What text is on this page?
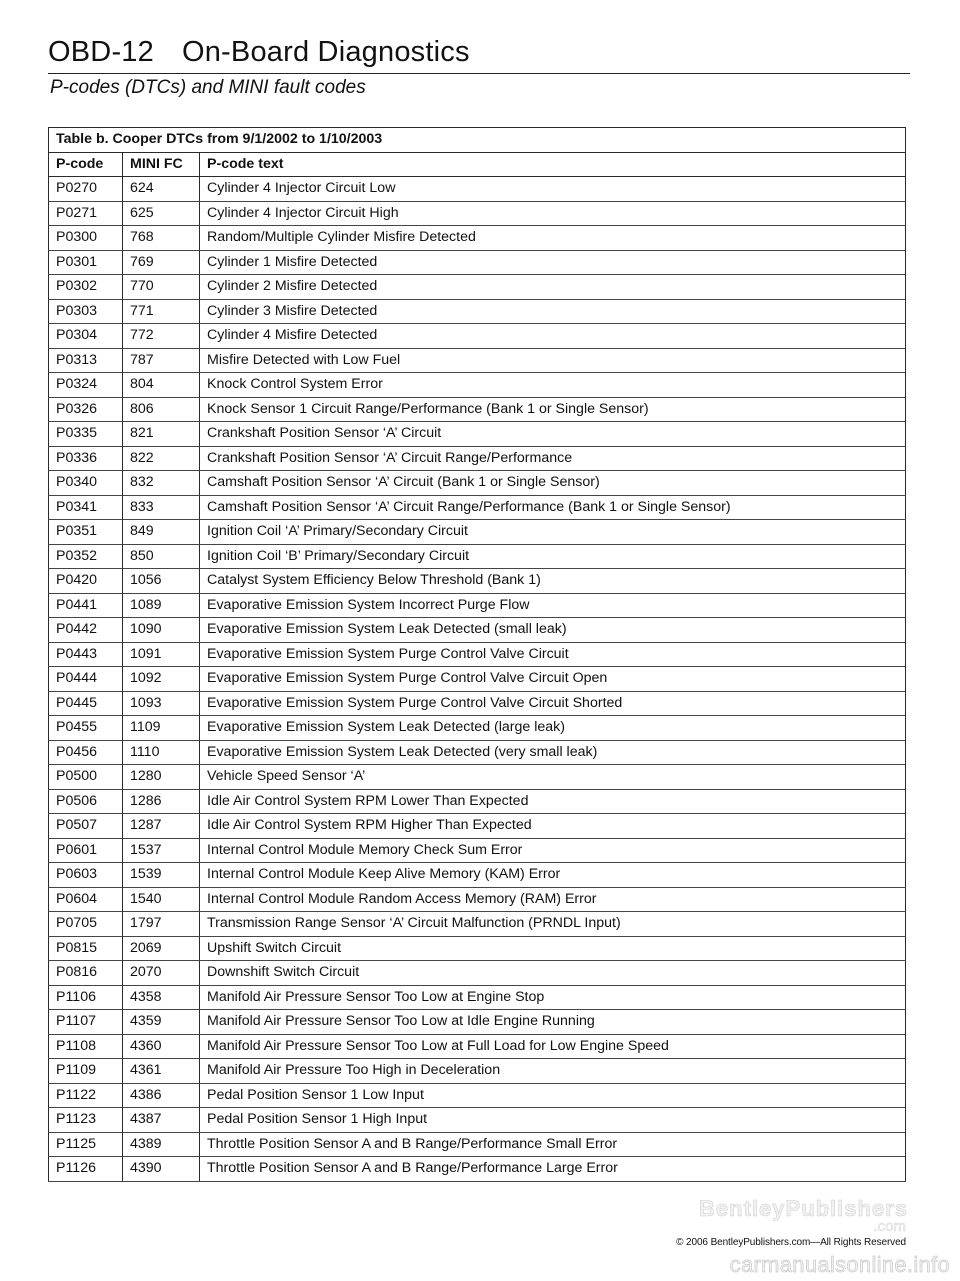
OBD-12 On-Board Diagnostics
P-codes (DTCs) and MINI fault codes
Table b. Cooper DTCs from 9/1/2002 to 1/10/2003		
P-code	MINI FC	P-code text
P0270	624	Cylinder 4 Injector Circuit Low
P0271	625	Cylinder 4 Injector Circuit High
P0300	768	Random/Multiple Cylinder Misfire Detected
P0301	769	Cylinder 1 Misfire Detected
P0302	770	Cylinder 2 Misfire Detected
P0303	771	Cylinder 3 Misfire Detected
P0304	772	Cylinder 4 Misfire Detected
P0313	787	Misfire Detected with Low Fuel
P0324	804	Knock Control System Error
P0326	806	Knock Sensor 1 Circuit Range/Performance (Bank 1 or Single Sensor)
P0335	821	Crankshaft Position Sensor ‘A’ Circuit
P0336	822	Crankshaft Position Sensor ‘A’ Circuit Range/Performance
P0340	832	Camshaft Position Sensor ‘A’ Circuit (Bank 1 or Single Sensor)
P0341	833	Camshaft Position Sensor ‘A’ Circuit Range/Performance (Bank 1 or Single Sensor)
P0351	849	Ignition Coil ‘A’ Primary/Secondary Circuit
P0352	850	Ignition Coil ‘B’ Primary/Secondary Circuit
P0420	1056	Catalyst System Efficiency Below Threshold (Bank 1)
P0441	1089	Evaporative Emission System Incorrect Purge Flow
P0442	1090	Evaporative Emission System Leak Detected (small leak)
P0443	1091	Evaporative Emission System Purge Control Valve Circuit
P0444	1092	Evaporative Emission System Purge Control Valve Circuit Open
P0445	1093	Evaporative Emission System Purge Control Valve Circuit Shorted
P0455	1109	Evaporative Emission System Leak Detected (large leak)
P0456	1110	Evaporative Emission System Leak Detected (very small leak)
P0500	1280	Vehicle Speed Sensor ‘A’
P0506	1286	Idle Air Control System RPM Lower Than Expected
P0507	1287	Idle Air Control System RPM Higher Than Expected
P0601	1537	Internal Control Module Memory Check Sum Error
P0603	1539	Internal Control Module Keep Alive Memory (KAM) Error
P0604	1540	Internal Control Module Random Access Memory (RAM) Error
P0705	1797	Transmission Range Sensor ‘A’ Circuit Malfunction (PRNDL Input)
P0815	2069	Upshift Switch Circuit
P0816	2070	Downshift Switch Circuit
P1106	4358	Manifold Air Pressure Sensor Too Low at Engine Stop
P1107	4359	Manifold Air Pressure Sensor Too Low at Idle Engine Running
P1108	4360	Manifold Air Pressure Sensor Too Low at Full Load for Low Engine Speed
P1109	4361	Manifold Air Pressure Too High in Deceleration
P1122	4386	Pedal Position Sensor 1 Low Input
P1123	4387	Pedal Position Sensor 1 High Input
P1125	4389	Throttle Position Sensor A and B Range/Performance Small Error
P1126	4390	Throttle Position Sensor A and B Range/Performance Large Error
BentleyPublishers
.com
© 2006 BentleyPublishers.com—All Rights Reserved
carmanualsonline.info
